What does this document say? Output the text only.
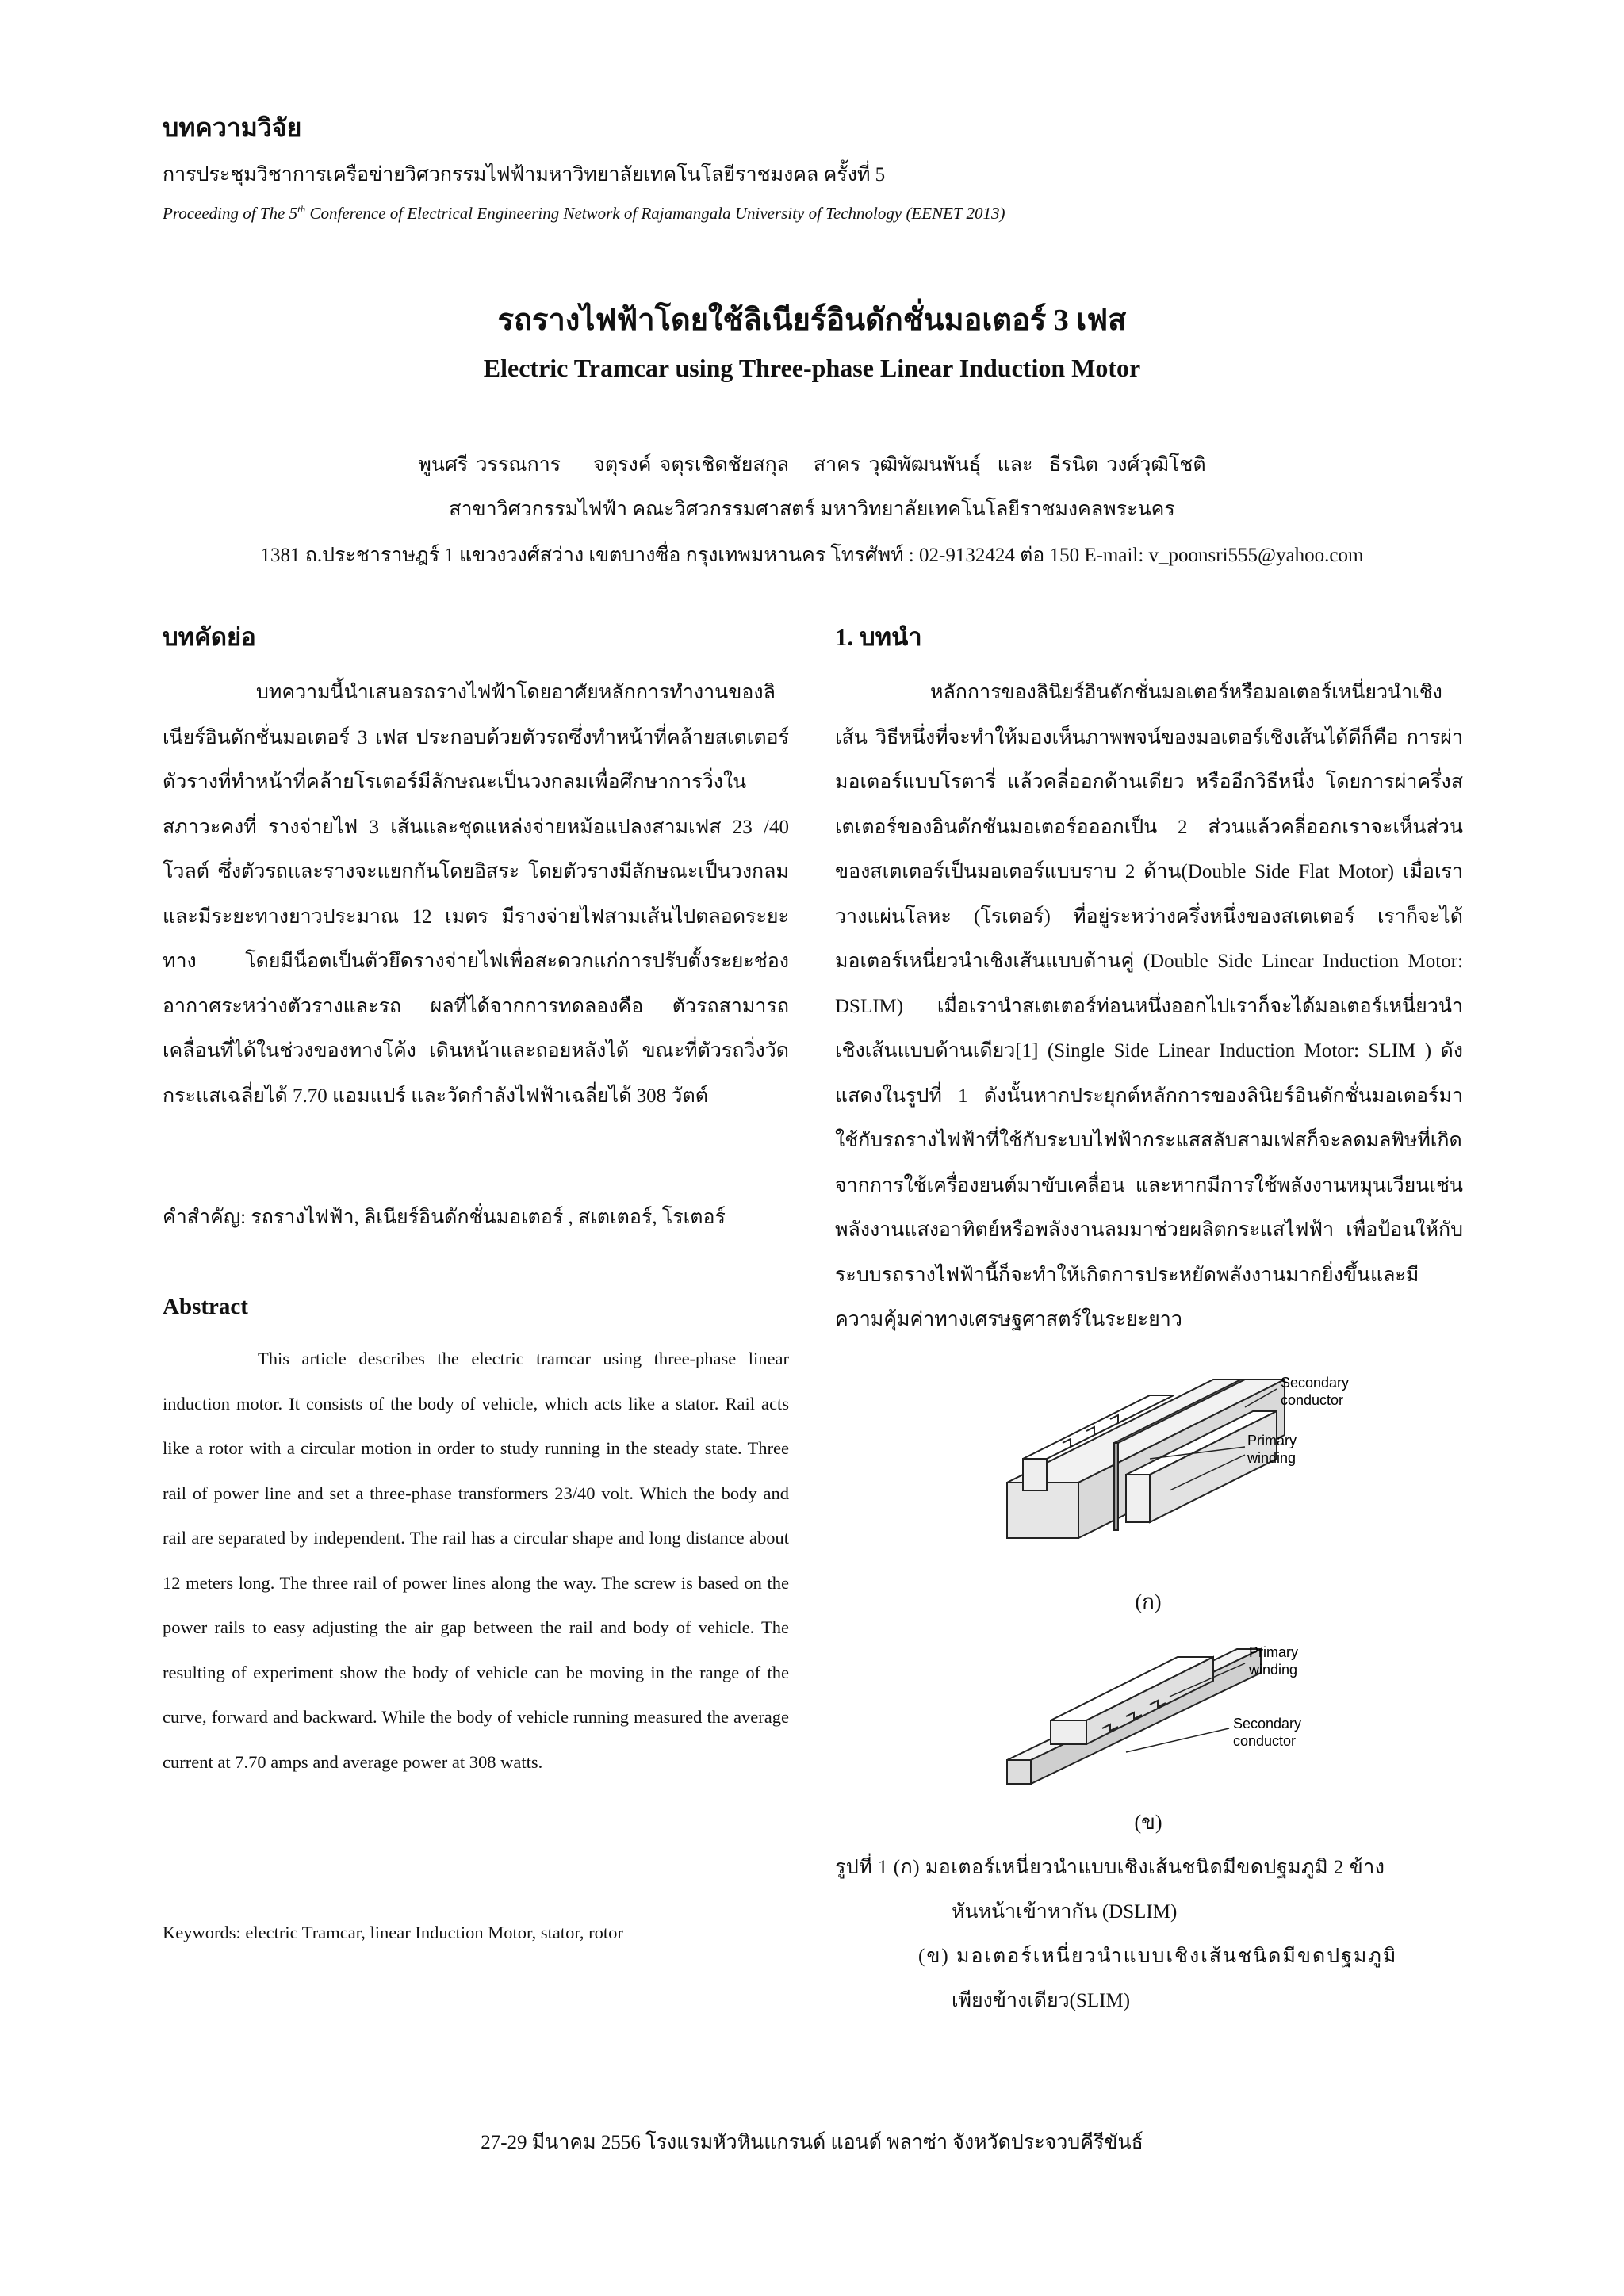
บทความวิจัย
การประชุมวิชาการเครือข่ายวิศวกรรมไฟฟ้ามหาวิทยาลัยเทคโนโลยีราชมงคล ครั้งที่ 5
Proceeding of The 5th Conference of Electrical Engineering Network of Rajamangala University of Technology (EENET 2013)
รถรางไฟฟ้าโดยใช้ลิเนียร์อินดักชั่นมอเตอร์ 3 เฟส
Electric Tramcar using Three-phase Linear Induction Motor
พูนศรี วรรณการ    จตุรงค์ จตุรเชิดชัยสกุล   สาคร วุฒิพัฒนพันธุ์  และ  ธีรนิต วงศ์วุฒิโชติ
สาขาวิศวกรรมไฟฟ้า คณะวิศวกรรมศาสตร์ มหาวิทยาลัยเทคโนโลยีราชมงคลพระนคร
1381 ถ.ประชาราษฎร์ 1 แขวงวงศ์สว่าง เขตบางซื่อ กรุงเทพมหานคร โทรศัพท์ : 02-9132424 ต่อ 150 E-mail: v_poonsri555@yahoo.com
บทคัดย่อ

บทความนี้นำเสนอรถรางไฟฟ้าโดยอาศัยหลักการทำงานของลิเนียร์อินดักชั่นมอเตอร์ 3 เฟส ประกอบด้วยตัวรถซึ่งทำหน้าที่คล้ายสเตเตอร์ ตัวรางที่ทำหน้าที่คล้ายโรเตอร์มีลักษณะเป็นวงกลมเพื่อศึกษาการวิ่งในสภาวะคงที่ รางจ่ายไฟ 3 เส้นและชุดแหล่งจ่ายหม้อแปลงสามเฟส 23 /40 โวลต์ ซึ่งตัวรถและรางจะแยกกันโดยอิสระ โดยตัวรางมีลักษณะเป็นวงกลมและมีระยะทางยาวประมาณ 12 เมตร มีรางจ่ายไฟสามเส้นไปตลอดระยะทาง โดยมีน็อตเป็นตัวยึดรางจ่ายไฟเพื่อสะดวกแก่การปรับตั้งระยะช่องอากาศระหว่างตัวรางและรถ ผลที่ได้จากการทดลองคือ ตัวรถสามารถเคลื่อนที่ได้ในช่วงของทางโค้ง เดินหน้าและถอยหลังได้ ขณะที่ตัวรถวิ่งวัดกระแสเฉลี่ยได้ 7.70 แอมแปร์ และวัดกำลังไฟฟ้าเฉลี่ยได้ 308 วัตต์

คำสำคัญ: รถรางไฟฟ้า, ลิเนียร์อินดักชั่นมอเตอร์ , สเตเตอร์, โรเตอร์
Abstract

This article describes the electric tramcar using three-phase linear induction motor. It consists of the body of vehicle, which acts like a stator. Rail acts like a rotor with a circular motion in order to study running in the steady state. Three rail of power line and set a three-phase transformers 23/40 volt. Which the body and rail are separated by independent. The rail has a circular shape and long distance about 12 meters long. The three rail of power lines along the way. The screw is based on the power rails to easy adjusting the air gap between the rail and body of vehicle. The resulting of experiment show the body of vehicle can be moving in the range of the curve, forward and backward. While the body of vehicle running measured the average current at 7.70 amps and average power at 308 watts.

Keywords: electric Tramcar, linear Induction Motor, stator, rotor
1. บทนำ

หลักการของลินิยร์อินดักชั่นมอเตอร์หรือมอเตอร์เหนี่ยวนำเชิงเส้น วิธีหนึ่งที่จะทำให้มองเห็นภาพพจน์ของมอเตอร์เชิงเส้นได้ดีก็คือ การผ่ามอเตอร์แบบโรตารี่ แล้วคลี่ออกด้านเดียว หรืออีกวิธีหนึ่ง โดยการผ่าครึ่งสเตเตอร์ของอินดักชันมอเตอร์อออกเป็น 2 ส่วนแล้วคลี่ออกเราจะเห็นส่วนของสเตเตอร์เป็นมอเตอร์แบบราบ 2 ด้าน(Double Side Flat Motor) เมื่อเราวางแผ่นโลหะ (โรเตอร์) ที่อยู่ระหว่างครึ่งหนึ่งของสเตเตอร์ เราก็จะได้มอเตอร์เหนี่ยวนำเชิงเส้นแบบด้านคู่ (Double Side Linear Induction Motor: DSLIM) เมื่อเรานำสเตเตอร์ท่อนหนึ่งออกไปเราก็จะได้มอเตอร์เหนี่ยวนำเชิงเส้นแบบด้านเดียว[1] (Single Side Linear Induction Motor: SLIM ) ดังแสดงในรูปที่ 1 ดังนั้นหากประยุกต์หลักการของลินิยร์อินดักชั่นมอเตอร์มาใช้กับรถรางไฟฟ้าที่ใช้กับระบบไฟฟ้ากระแสสลับสามเฟสก็จะลดมลพิษที่เกิดจากการใช้เครื่องยนต์มาขับเคลื่อน และหากมีการใช้พลังงานหมุนเวียนเช่นพลังงานแสงอาทิตย์หรือพลังงานลมมาช่วยผลิตกระแสไฟฟ้า เพื่อป้อนให้กับระบบรถรางไฟฟ้านี้ก็จะทำให้เกิดการประหยัดพลังงานมากยิ่งขึ้นและมีความคุ้มค่าทางเศรษฐศาสตร์ในระยะยาว

Secondary
conductor
Primary
winding
(ก)
Primary
winding
Secondary
conductor
(ข)
รูปที่ 1 (ก) มอเตอร์เหนี่ยวนำแบบเชิงเส้นชนิดมีขดปฐมภูมิ 2 ข้าง
หันหน้าเข้าหากัน (DSLIM)
(ข) มอเตอร์เหนี่ยวนำแบบเชิงเส้นชนิดมีขดปฐมภูมิ
เพียงข้างเดียว(SLIM)
27-29 มีนาคม 2556 โรงแรมหัวหินแกรนด์ แอนด์ พลาซ่า จังหวัดประจวบคีรีขันธ์
